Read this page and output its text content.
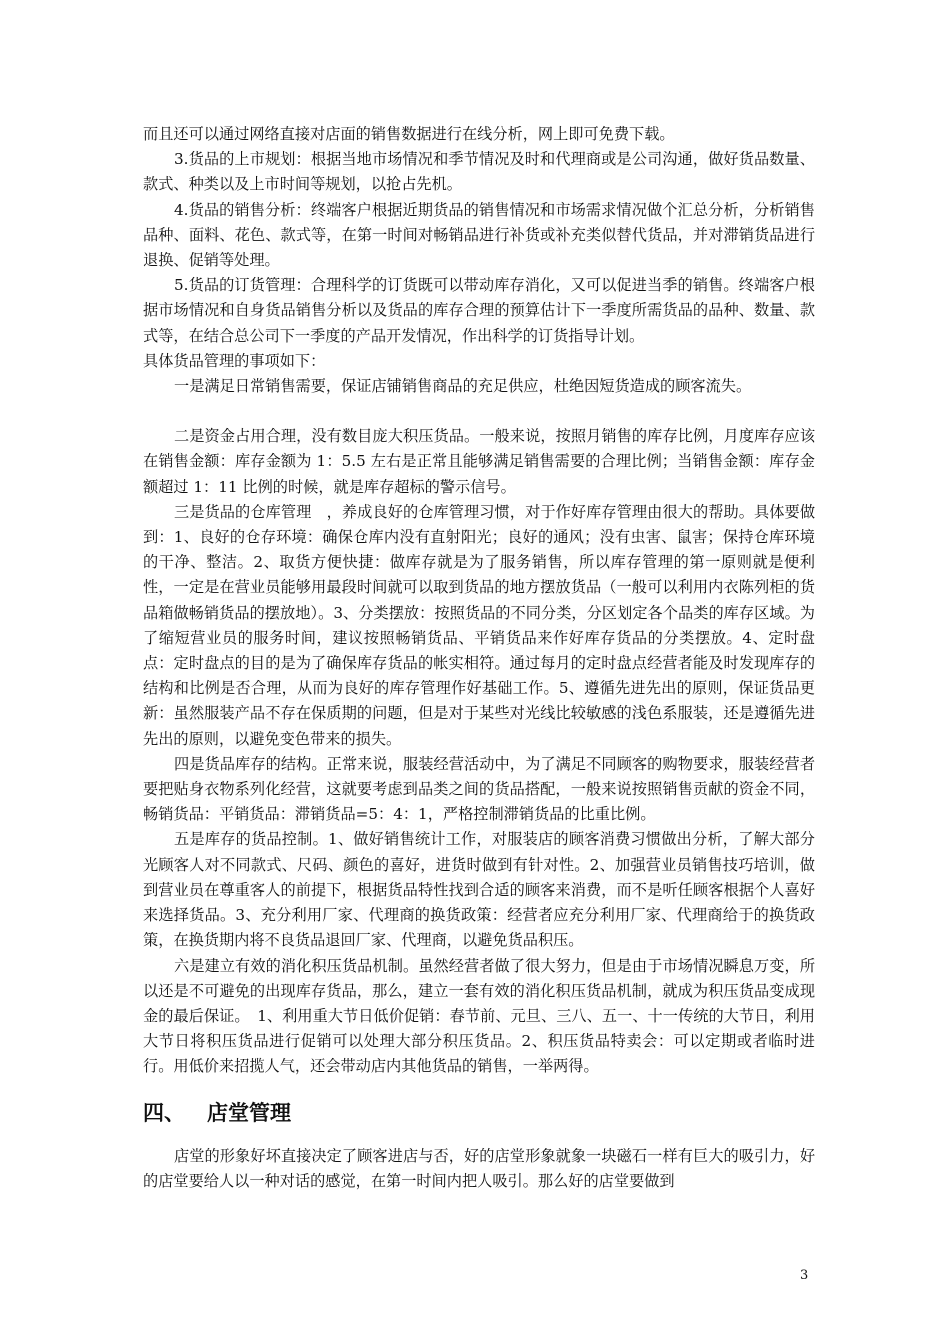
而且还可以通过网络直接对店面的销售数据进行在线分析，网上即可免费下载。

3.货品的上市规划：根据当地市场情况和季节情况及时和代理商或是公司沟通，做好货品数量、款式、种类以及上市时间等规划，以抢占先机。

4.货品的销售分析：终端客户根据近期货品的销售情况和市场需求情况做个汇总分析，分析销售品种、面料、花色、款式等，在第一时间对畅销品进行补货或补充类似替代货品，并对滞销货品进行退换、促销等处理。

5.货品的订货管理：合理科学的订货既可以带动库存消化，又可以促进当季的销售。终端客户根据市场情况和自身货品销售分析以及货品的库存合理的预算估计下一季度所需货品的品种、数量、款式等，在结合总公司下一季度的产品开发情况，作出科学的订货指导计划。

具体货品管理的事项如下：

一是满足日常销售需要，保证店铺销售商品的充足供应，杜绝因短货造成的顾客流失。

二是资金占用合理，没有数目庞大积压货品。一般来说，按照月销售的库存比例，月度库存应该在销售金额：库存金额为 1：5.5 左右是正常且能够满足销售需要的合理比例；当销售金额：库存金额超过 1：11 比例的时候，就是库存超标的警示信号。

三是货品的仓库管理　，养成良好的仓库管理习惯，对于作好库存管理由很大的帮助。具体要做到：1、良好的仓存环境：确保仓库内没有直射阳光；良好的通风；没有虫害、鼠害；保持仓库环境的干净、整洁。2、取货方便快捷：做库存就是为了服务销售，所以库存管理的第一原则就是便利性，一定是在营业员能够用最段时间就可以取到货品的地方摆放货品（一般可以利用内衣陈列柜的货品箱做畅销货品的摆放地）。3、分类摆放：按照货品的不同分类，分区划定各个品类的库存区域。为了缩短营业员的服务时间，建议按照畅销货品、平销货品来作好库存货品的分类摆放。4、定时盘点：定时盘点的目的是为了确保库存货品的帐实相符。通过每月的定时盘点经营者能及时发现库存的结构和比例是否合理，从而为良好的库存管理作好基础工作。5、遵循先进先出的原则，保证货品更新：虽然服装产品不存在保质期的问题，但是对于某些对光线比较敏感的浅色系服装，还是遵循先进先出的原则，以避免变色带来的损失。

四是货品库存的结构。正常来说，服装经营活动中，为了满足不同顾客的购物要求，服装经营者要把贴身衣物系列化经营，这就要考虑到品类之间的货品搭配，一般来说按照销售贡献的资金不同，畅销货品：平销货品：滞销货品=5：4：1，严格控制滞销货品的比重比例。

五是库存的货品控制。1、做好销售统计工作，对服装店的顾客消费习惯做出分析，了解大部分光顾客人对不同款式、尺码、颜色的喜好，进货时做到有针对性。2、加强营业员销售技巧培训，做到营业员在尊重客人的前提下，根据货品特性找到合适的顾客来消费，而不是听任顾客根据个人喜好来选择货品。3、充分利用厂家、代理商的换货政策：经营者应充分利用厂家、代理商给于的换货政策，在换货期内将不良货品退回厂家、代理商，以避免货品积压。

六是建立有效的消化积压货品机制。虽然经营者做了很大努力，但是由于市场情况瞬息万变，所以还是不可避免的出现库存货品，那么，建立一套有效的消化积压货品机制，就成为积压货品变成现金的最后保证。　1、利用重大节日低价促销：春节前、元旦、三八、五一、十一传统的大节日，利用大节日将积压货品进行促销可以处理大部分积压货品。2、积压货品特卖会：可以定期或者临时进行。用低价来招揽人气，还会带动店内其他货品的销售，一举两得。

四、 店堂管理

店堂的形象好坏直接决定了顾客进店与否，好的店堂形象就象一块磁石一样有巨大的吸引力，好的店堂要给人以一种对话的感觉，在第一时间内把人吸引。那么好的店堂要做到

3
